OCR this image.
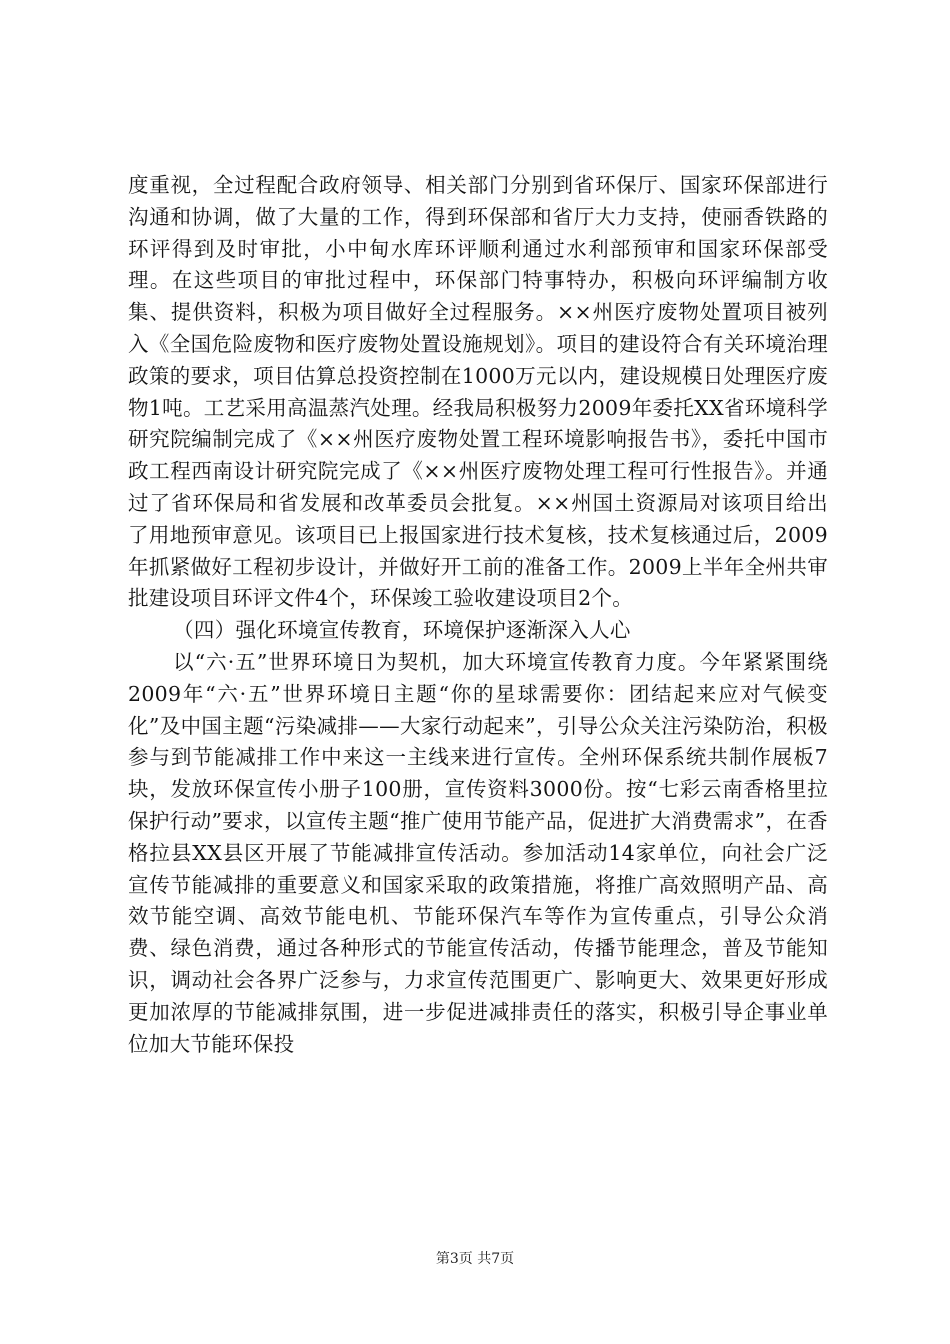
度重视，全过程配合政府领导、相关部门分别到省环保厅、国家环保部进行沟通和协调，做了大量的工作，得到环保部和省厅大力支持，使丽香铁路的环评得到及时审批，小中甸水库环评顺利通过水利部预审和国家环保部受理。在这些项目的审批过程中，环保部门特事特办，积极向环评编制方收集、提供资料，积极为项目做好全过程服务。××州医疗废物处置项目被列入《全国危险废物和医疗废物处置设施规划》。项目的建设符合有关环境治理政策的要求，项目估算总投资控制在1000万元以内，建设规模日处理医疗废物1吨。工艺采用高温蒸汽处理。经我局积极努力2009年委托XX省环境科学研究院编制完成了《××州医疗废物处置工程环境影响报告书》，委托中国市政工程西南设计研究院完成了《××州医疗废物处理工程可行性报告》。并通过了省环保局和省发展和改革委员会批复。××州国土资源局对该项目给出了用地预审意见。该项目已上报国家进行技术复核，技术复核通过后，2009年抓紧做好工程初步设计，并做好开工前的准备工作。2009上半年全州共审批建设项目环评文件4个，环保竣工验收建设项目2个。

（四）强化环境宣传教育，环境保护逐渐深入人心

以“六·五”世界环境日为契机，加大环境宣传教育力度。今年紧紧围绕2009年“六·五”世界环境日主题“你的星球需要你：团结起来应对气候变化”及中国主题“污染减排——大家行动起来”，引导公众关注污染防治，积极参与到节能减排工作中来这一主线来进行宣传。全州环保系统共制作展板7块，发放环保宣传小册子100册，宣传资料3000份。按“七彩云南香格里拉保护行动”要求，以宣传主题“推广使用节能产品，促进扩大消费需求”，在香格拉县XX县区开展了节能减排宣传活动。参加活动14家单位，向社会广泛宣传节能减排的重要意义和国家采取的政策措施，将推广高效照明产品、高效节能空调、高效节能电机、节能环保汽车等作为宣传重点，引导公众消费、绿色消费，通过各种形式的节能宣传活动，传播节能理念，普及节能知识，调动社会各界广泛参与，力求宣传范围更广、影响更大、效果更好形成更加浓厚的节能减排氛围，进一步促进减排责任的落实，积极引导企事业单位加大节能环保投

第3页 共7页
